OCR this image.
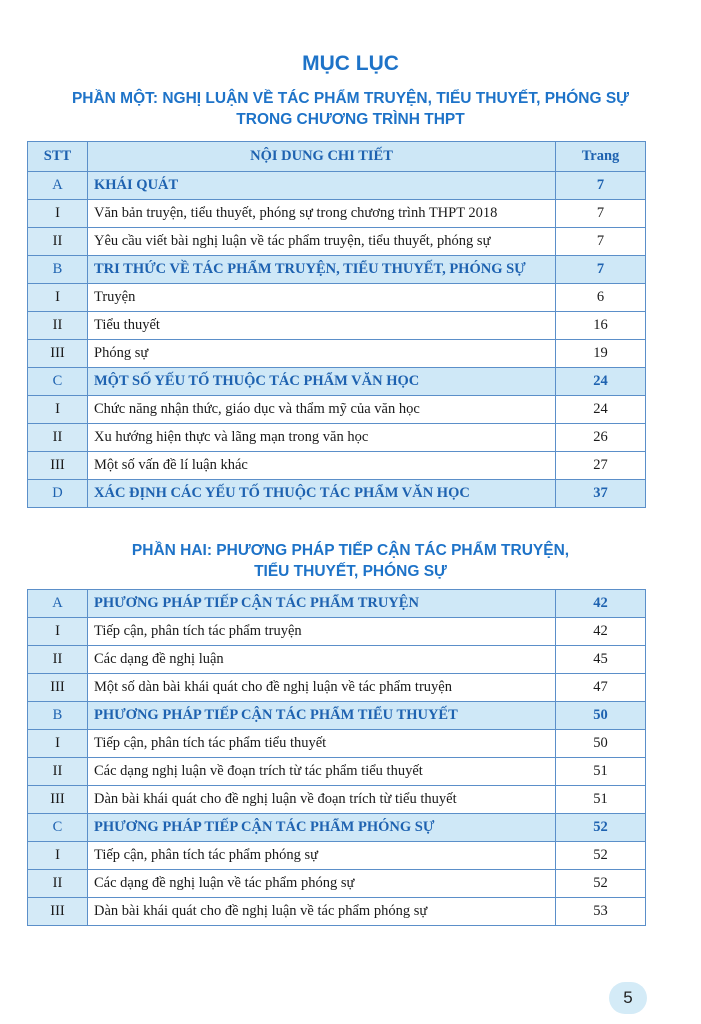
MỤC LỤC
PHẦN MỘT: NGHỊ LUẬN VỀ TÁC PHẨM TRUYỆN, TIỂU THUYẾT, PHÓNG SỰ
TRONG CHƯƠNG TRÌNH THPT
STT	NỘI DUNG CHI TIẾT	Trang
A	KHÁI QUÁT	7
I	Văn bản truyện, tiểu thuyết, phóng sự trong chương trình THPT 2018	7
II	Yêu cầu viết bài nghị luận về tác phẩm truyện, tiểu thuyết, phóng sự	7
B	TRI THỨC VỀ TÁC PHẨM TRUYỆN, TIỂU THUYẾT, PHÓNG SỰ	7
I	Truyện	6
II	Tiểu thuyết	16
III	Phóng sự	19
C	MỘT SỐ YẾU TỐ THUỘC TÁC PHẨM VĂN HỌC	24
I	Chức năng nhận thức, giáo dục và thẩm mỹ của văn học	24
II	Xu hướng hiện thực và lãng mạn trong văn học	26
III	Một số vấn đề lí luận khác	27
D	XÁC ĐỊNH CÁC YẾU TỐ THUỘC TÁC PHẨM VĂN HỌC	37
PHẦN HAI: PHƯƠNG PHÁP TIẾP CẬN TÁC PHẨM TRUYỆN,
TIỂU THUYẾT, PHÓNG SỰ
A	PHƯƠNG PHÁP TIẾP CẬN TÁC PHẨM TRUYỆN	42
I	Tiếp cận, phân tích tác phẩm truyện	42
II	Các dạng đề nghị luận	45
III	Một số dàn bài khái quát cho đề nghị luận về tác phẩm truyện	47
B	PHƯƠNG PHÁP TIẾP CẬN TÁC PHẨM TIỂU THUYẾT	50
I	Tiếp cận, phân tích tác phẩm tiểu thuyết	50
II	Các dạng nghị luận về đoạn trích từ tác phẩm tiểu thuyết	51
III	Dàn bài khái quát cho đề nghị luận về đoạn trích từ tiểu thuyết	51
C	PHƯƠNG PHÁP TIẾP CẬN TÁC PHẨM PHÓNG SỰ	52
I	Tiếp cận, phân tích tác phẩm phóng sự	52
II	Các dạng đề nghị luận về tác phẩm phóng sự	52
III	Dàn bài khái quát cho đề nghị luận về tác phẩm phóng sự	53
5
